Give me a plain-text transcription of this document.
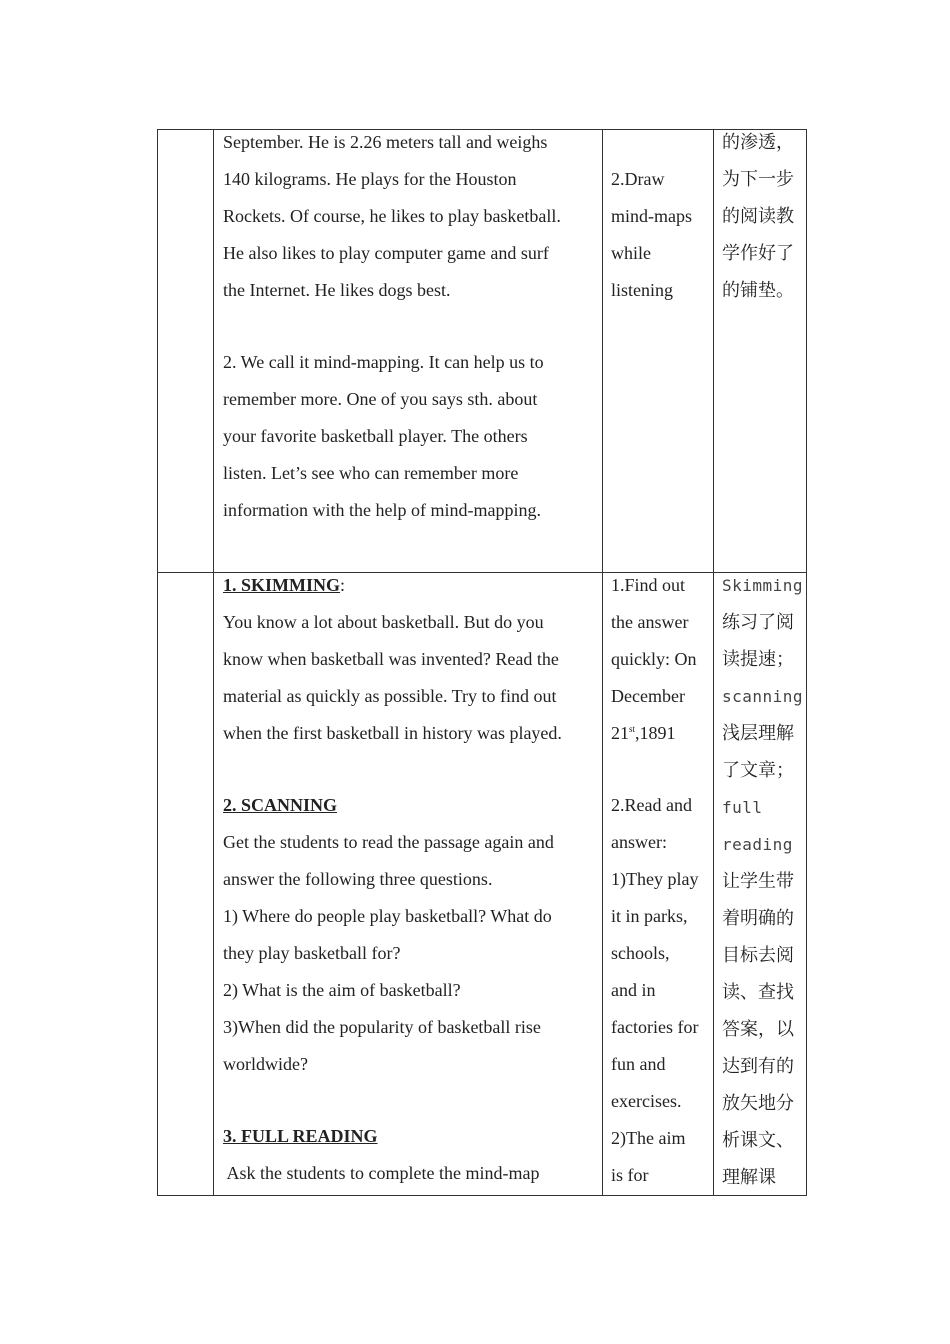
September. He is 2.26 meters tall and weighs

140 kilograms. He plays for the Houston

Rockets. Of course, he likes to play basketball.

He also likes to play computer game and surf

the Internet. He likes dogs best.

2. We call it mind-mapping. It can help us to

remember more. One of you says sth. about

your favorite basketball player. The others

listen. Let’s see who can remember more

information with the help of mind-mapping.

2.Draw

mind-maps

while

listening

的渗透，

为下一步

的阅读教

学作好了

的铺垫。

1. SKIMMING:

You know a lot about basketball. But do you

know when basketball was invented? Read the

material as quickly as possible. Try to find out

when the first basketball in history was played.

2. SCANNING

Get the students to read the passage again and

answer the following three questions.

1) Where do people play basketball? What do

they play basketball for?

2) What is the aim of basketball?

3)When did the popularity of basketball rise

worldwide?

3. FULL READING

Ask the students to complete the mind-map

1.Find out

the answer

quickly: On

December

21st,1891

2.Read and

answer:

1)They play

it in parks,

schools,

and in

factories for

fun and

exercises.

2)The aim

is for

Skimming

练习了阅

读提速；

scanning

浅层理解

了文章；

full

reading

让学生带

着明确的

目标去阅

读、查找

答案，以

达到有的

放矢地分

析课文、

理解课
